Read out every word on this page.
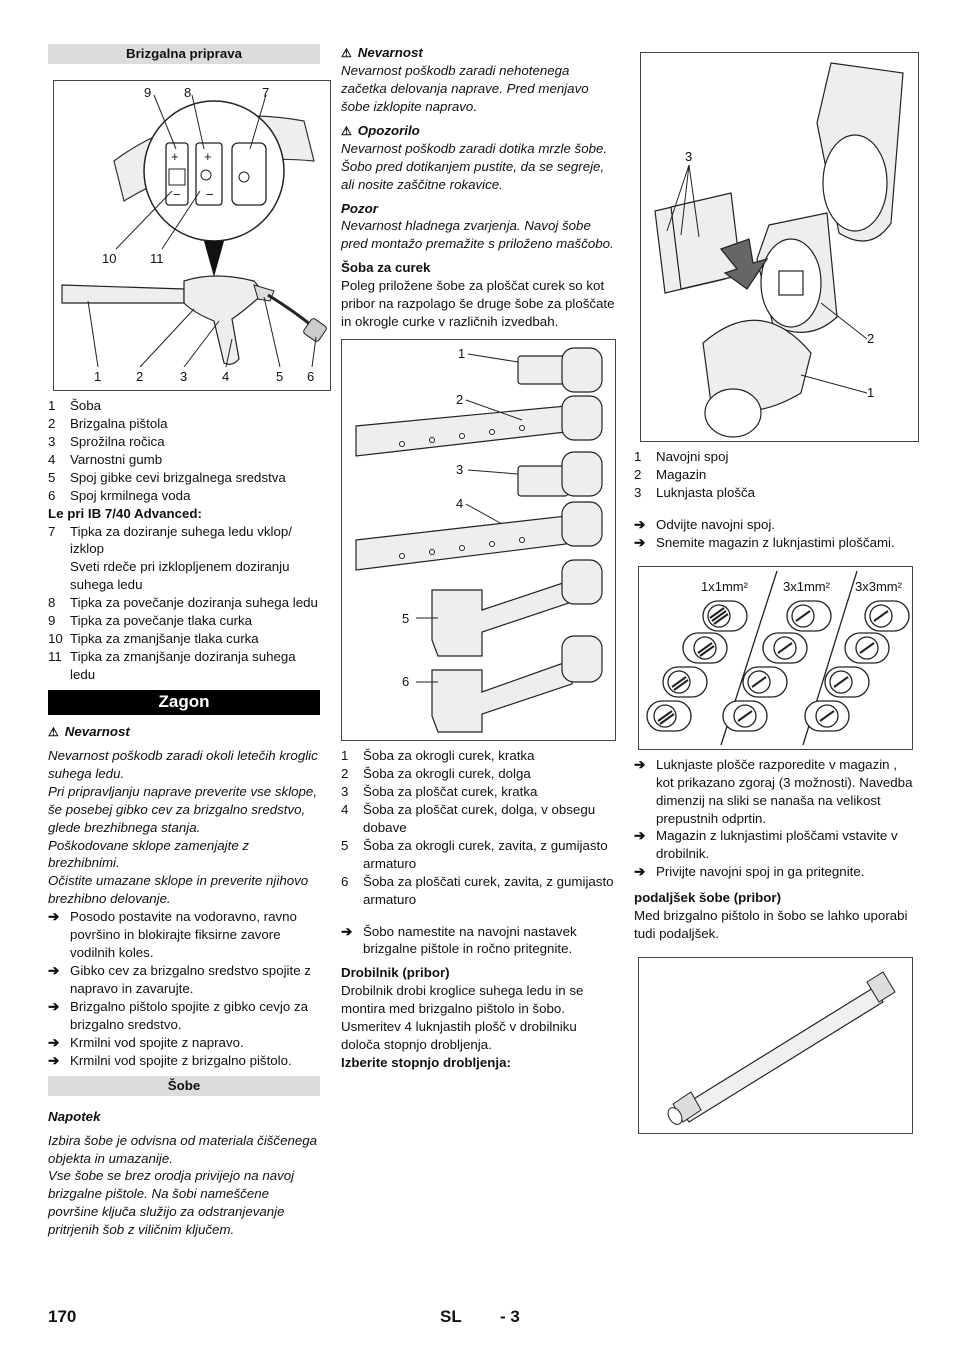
Brizgalna priprava
+ +
− −
9	8	7
10	11
1	2	3	4	5 6
1	Šoba
2	Brizgalna pištola
3	Sprožilna ročica
4	Varnostni gumb
5	Spoj gibke cevi brizgalnega sredstva
6	Spoj krmilnega voda
Le pri IB 7/40 Advanced:
7	Tipka za doziranje suhega ledu vklop/ izklop
Sveti rdeče pri izklopljenem doziranju suhega ledu
8	Tipka za povečanje doziranja suhega ledu
9	Tipka za povečanje tlaka curka
10 Tipka za zmanjšanje tlaka curka
11 Tipka za zmanjšanje doziranja suhega ledu
Zagon
⚠ Nevarnost
Nevarnost poškodb zaradi okoli letečih kroglic suhega ledu.
Pri pripravljanju naprave preverite vse sklope, še posebej gibko cev za brizgalno sredstvo, glede brezhibnega stanja.
Poškodovane sklope zamenjajte z brezhibnimi.
Očistite umazane sklope in preverite njihovo brezhibno delovanje.
➔ Posodo postavite na vodoravno, ravno površino in blokirajte fiksirne zavore vodilnih koles.
➔ Gibko cev za brizgalno sredstvo spojite z napravo in zavarujte.
➔ Brizgalno pištolo spojite z gibko cevjo za brizgalno sredstvo.
➔ Krmilni vod spojite z napravo.
➔ Krmilni vod spojite z brizgalno pištolo.
Šobe
Napotek
Izbira šobe je odvisna od materiala čiščenega objekta in umazanije.
Vse šobe se brez orodja privijejo na navoj brizgalne pištole. Na šobi nameščene površine ključa služijo za odstranjevanje pritrjenih šob z viličnim ključem.
⚠ Nevarnost
Nevarnost poškodb zaradi nehotenega začetka delovanja naprave. Pred menjavo šobe izklopite napravo.
⚠ Opozorilo
Nevarnost poškodb zaradi dotika mrzle šobe. Šobo pred dotikanjem pustite, da se segreje, ali nosite zaščitne rokavice.
Pozor
Nevarnost hladnega zvarjenja. Navoj šobe pred montažo premažite s priloženo maščobo.
Šoba za curek
Poleg priložene šobe za ploščat curek so kot pribor na razpolago še druge šobe za ploščate in okrogle curke v različnih izvedbah.
1
2
3
4
5
6
1	Šoba za okrogli curek, kratka
2	Šoba za okrogli curek, dolga
3	Šoba za ploščat curek, kratka
4	Šoba za ploščat curek, dolga, v obsegu dobave
5	Šoba za okrogli curek, zavita, z gumijasto armaturo
6	Šoba za ploščati curek, zavita, z gumijasto armaturo
➔ Šobo namestite na navojni nastavek brizgalne pištole in ročno pritegnite.
Drobilnik (pribor)
Drobilnik drobi kroglice suhega ledu in se montira med brizgalno pištolo in šobo. Usmeritev 4 luknjastih plošč v drobilniku določa stopnjo drobljenja.
Izberite stopnjo drobljenja:
3
2
1
1	Navojni spoj
2	Magazin
3	Luknjasta plošča
➔ Odvijte navojni spoj.
➔ Snemite magazin z luknjastimi ploščami.
1x1mm²	3x1mm² 3x3mm²
➔ Luknjaste plošče razporedite v magazin , kot prikazano zgoraj (3 možnosti). Navedba dimenzij na sliki se nanaša na velikost prepustnih odprtin.
➔ Magazin z luknjastimi ploščami vstavite v drobilnik.
➔ Privijte navojni spoj in ga pritegnite.
podaljšek šobe (pribor)
Med brizgalno pištolo in šobo se lahko uporabi tudi podaljšek.
170	SL - 3
